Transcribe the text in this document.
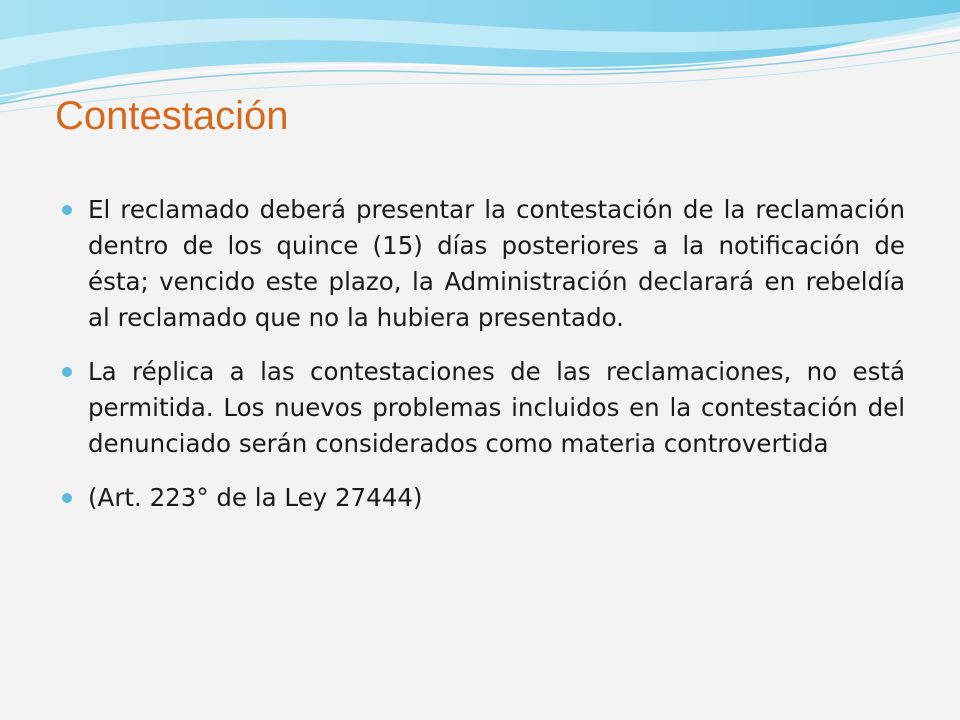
Contestación
El reclamado deberá presentar la contestación de la reclamación dentro de los quince (15) días posteriores a la notificación de ésta; vencido este plazo, la Administración declarará en rebeldía al reclamado que no la hubiera presentado.
La réplica a las contestaciones de las reclamaciones, no está permitida. Los nuevos problemas incluidos en la contestación del denunciado serán considerados como materia controvertida
(Art. 223° de la Ley 27444)
